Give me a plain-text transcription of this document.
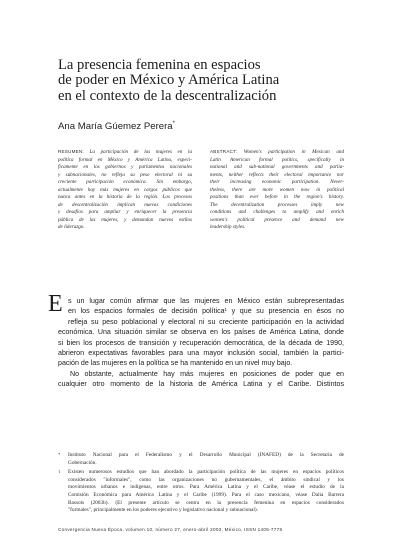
La presencia femenina en espacios
de poder en México y América Latina
en el contexto de la descentralización
Ana María Gúemez Perera*
RESUMEN: La participación de las mujeres en la
política formal en México y América Latina, especi-
ficamente en los gobiernos y parlamentos nacionales
y subnacionales, no refleja su peso electoral ni su
creciente participación económica. Sin embargo,
actualmente hay más mujeres en cargos públicos que
nunca antes en la historia de la región. Los procesos
de descentralización implican nuevas condiciones
y desafíos para ampliar y enriquecer la presencia
pública de las mujeres, y demandan nuevos estilos
de liderazgo.
ABSTRACT: Women's participation in Mexican and
Latin American formal politics, specifically in
national and sub-national governments and parlia-
ments, neither reflects their electoral importance nor
their increasing economic participation. Never-
theless, there are more women now in political
positions than ever before in the region's history.
The decentralization processes imply new
conditions and challenges to amplify and enrich
women's political presence and demand new
leadership styles.
E s un lugar común afirmar que las mujeres en México están subrepresentadas
en los espacios formales de decisión política¹ y que su presencia en ésos no
refleja su peso poblacional y electoral ni su creciente participación en la actividad
económica. Una situación similar se observa en los países de América Latina, donde
si bien los procesos de transición y recuperación democrática, de la década de 1990,
abrieron expectativas favorables para una mayor inclusión social, también la partici-
pación de las mujeres en la política se ha mantenido en un nivel muy bajo.
No obstante, actualmente hay más mujeres en posiciones de poder que en
cualquier otro momento de la historia de América Latina y el Caribe. Distintos
* Instituto Nacional para el Federalismo y el Desarrollo Municipal (INAFED) de la Secretaría de
Gobernación.
1 Existen numerosos estudios que han abordado la participación política de las mujeres en espacios políticos
considerados "informales", como las organizaciones no gubernamentales, el ámbito sindical y los
movimientos urbanos e indígenas, entre otros. Para América Latina y el Caribe, véase el estudio de la
Comisión Económica para América Latina y el Caribe (1999). Para el caso mexicano, véase Dalia Barrera
Bassols (2003b). (El presente artículo se centra en la presencia femenina en espacios considerados
"formales", principalmente en los poderes ejecutivo y legislativo nacional y subnacional).
Convergencia Nueva Época, volumen 10, número 27, enero-abril 2003, México, ISSN 1405-7778
